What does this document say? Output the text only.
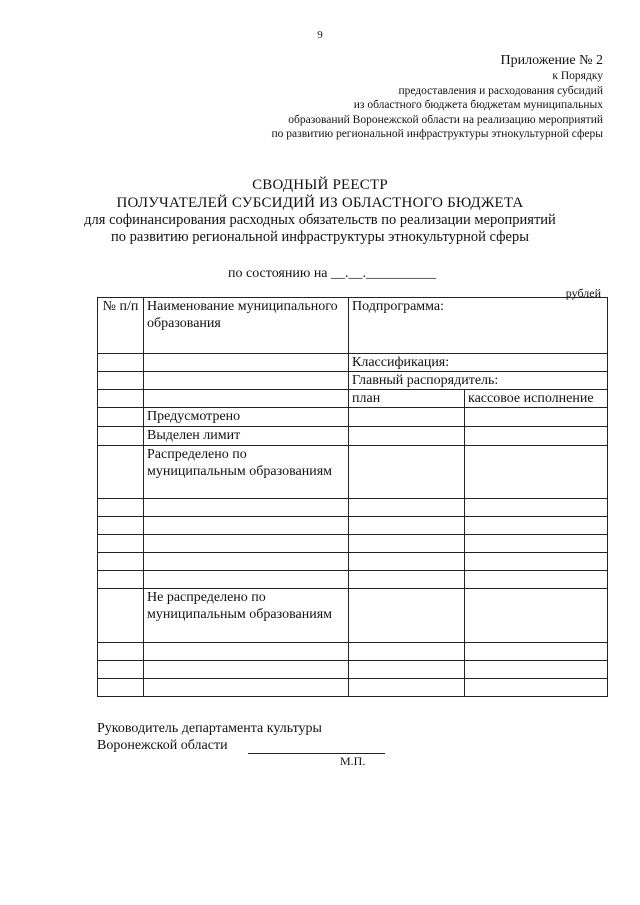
9
Приложение № 2
к Порядку
предоставления и расходования субсидий
из областного бюджета бюджетам муниципальных
образований Воронежской области на реализацию мероприятий
по развитию региональной инфраструктуры этнокультурной сферы
СВОДНЫЙ РЕЕСТР
ПОЛУЧАТЕЛЕЙ СУБСИДИЙ ИЗ ОБЛАСТНОГО БЮДЖЕТА
для софинансирования расходных обязательств по реализации мероприятий
по развитию региональной инфраструктуры этнокультурной сферы
по состоянию на __.__.__________
рублей
№ п/п	Наименование муниципального образования	Подпрограмма:	
		Классификация:	
		Главный распорядитель:	
		план	кассовое исполнение
	Предусмотрено		
	Выделен лимит		
	Распределено по муниципальным образованиям		

	Не распределено по муниципальным образованиям		

Руководитель департамента культуры
Воронежской области
М.П.
